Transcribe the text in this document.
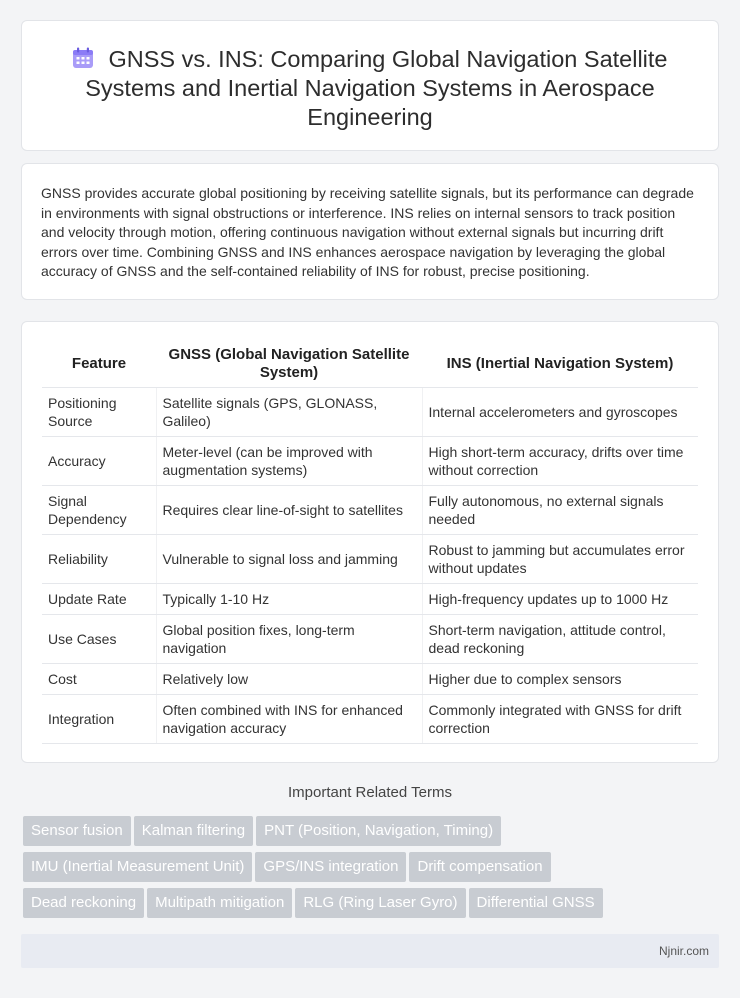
GNSS vs. INS: Comparing Global Navigation Satellite Systems and Inertial Navigation Systems in Aerospace Engineering

GNSS provides accurate global positioning by receiving satellite signals, but its performance can degrade in environments with signal obstructions or interference. INS relies on internal sensors to track position and velocity through motion, offering continuous navigation without external signals but incurring drift errors over time. Combining GNSS and INS enhances aerospace navigation by leveraging the global accuracy of GNSS and the self-contained reliability of INS for robust, precise positioning.

Feature	GNSS (Global Navigation Satellite System)	INS (Inertial Navigation System)
Positioning Source	Satellite signals (GPS, GLONASS, Galileo)	Internal accelerometers and gyroscopes
Accuracy	Meter-level (can be improved with augmentation systems)	High short-term accuracy, drifts over time without correction
Signal Dependency	Requires clear line-of-sight to satellites	Fully autonomous, no external signals needed
Reliability	Vulnerable to signal loss and jamming	Robust to jamming but accumulates error without updates
Update Rate	Typically 1-10 Hz	High-frequency updates up to 1000 Hz
Use Cases	Global position fixes, long-term navigation	Short-term navigation, attitude control, dead reckoning
Cost	Relatively low	Higher due to complex sensors
Integration	Often combined with INS for enhanced navigation accuracy	Commonly integrated with GNSS for drift correction
Important Related Terms
Sensor fusion Kalman filtering PNT (Position, Navigation, Timing)
IMU (Inertial Measurement Unit) GPS/INS integration Drift compensation
Dead reckoning Multipath mitigation RLG (Ring Laser Gyro) Differential GNSS
Njnir.com
